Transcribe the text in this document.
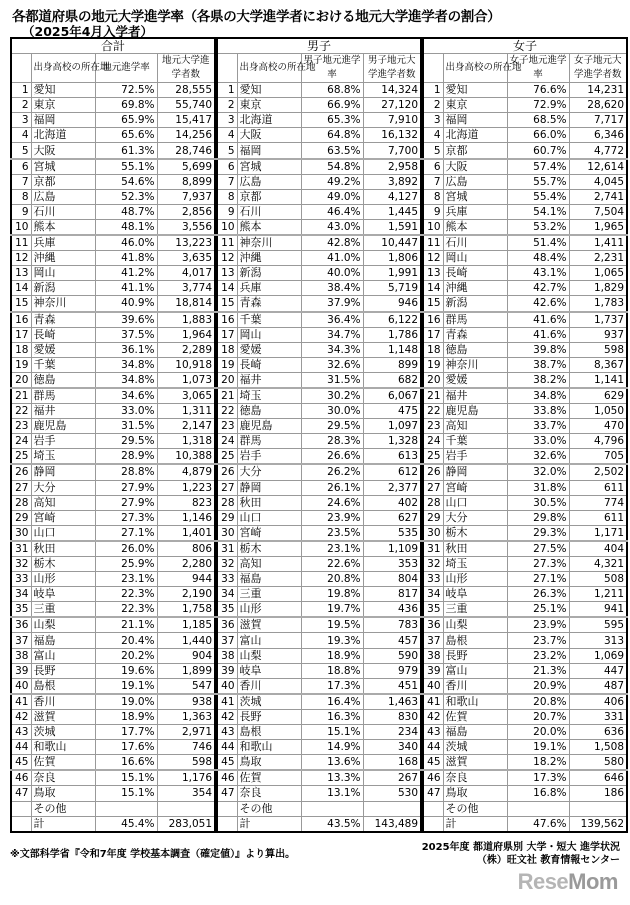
各都道府県の地元大学進学率（各県の大学進学者における地元大学進学者の割合）
（2025年4月入学者）
合計			
	出身高校の所在地	地元進学率	地元大学進学者数
1	愛知	72.5%	28,555
2	東京	69.8%	55,740
3	福岡	65.9%	15,417
4	北海道	65.6%	14,256
5	大阪	61.3%	28,746
6	宮城	55.1%	5,699
7	京都	54.6%	8,899
8	広島	52.3%	7,937
9	石川	48.7%	2,856
10	熊本	48.1%	3,556
11	兵庫	46.0%	13,223
12	沖縄	41.8%	3,635
13	岡山	41.2%	4,017
14	新潟	41.1%	3,774
15	神奈川	40.9%	18,814
16	青森	39.6%	1,883
17	長崎	37.5%	1,964
18	愛媛	36.1%	2,289
19	千葉	34.8%	10,918
20	徳島	34.8%	1,073
21	群馬	34.6%	3,065
22	福井	33.0%	1,311
23	鹿児島	31.5%	2,147
24	岩手	29.5%	1,318
25	埼玉	28.9%	10,388
26	静岡	28.8%	4,879
27	大分	27.9%	1,223
28	高知	27.9%	823
29	宮崎	27.3%	1,146
30	山口	27.1%	1,401
31	秋田	26.0%	806
32	栃木	25.9%	2,280
33	山形	23.1%	944
34	岐阜	22.3%	2,190
35	三重	22.3%	1,758
36	山梨	21.1%	1,185
37	福島	20.4%	1,440
38	富山	20.2%	904
39	長野	19.6%	1,899
40	島根	19.1%	547
41	香川	19.0%	938
42	滋賀	18.9%	1,363
43	茨城	17.7%	2,971
44	和歌山	17.6%	746
45	佐賀	16.6%	598
46	奈良	15.1%	1,176
47	鳥取	15.1%	354
	その他		
	計	45.4%	283,051
男子			
	出身高校の所在地	男子地元進学率	男子地元大学進学者数
1	愛知	68.8%	14,324
2	東京	66.9%	27,120
3	北海道	65.3%	7,910
4	大阪	64.8%	16,132
5	福岡	63.5%	7,700
6	宮城	54.8%	2,958
7	広島	49.2%	3,892
8	京都	49.0%	4,127
9	石川	46.4%	1,445
10	熊本	43.0%	1,591
11	神奈川	42.8%	10,447
12	沖縄	41.0%	1,806
13	新潟	40.0%	1,991
14	兵庫	38.4%	5,719
15	青森	37.9%	946
16	千葉	36.4%	6,122
17	岡山	34.7%	1,786
18	愛媛	34.3%	1,148
19	長崎	32.6%	899
20	福井	31.5%	682
21	埼玉	30.2%	6,067
22	徳島	30.0%	475
23	鹿児島	29.5%	1,097
24	群馬	28.3%	1,328
25	岩手	26.6%	613
26	大分	26.2%	612
27	静岡	26.1%	2,377
28	秋田	24.6%	402
29	山口	23.9%	627
30	宮崎	23.5%	535
31	栃木	23.1%	1,109
32	高知	22.6%	353
33	福島	20.8%	804
34	三重	19.8%	817
35	山形	19.7%	436
36	滋賀	19.5%	783
37	富山	19.3%	457
38	山梨	18.9%	590
39	岐阜	18.8%	979
40	香川	17.3%	451
41	茨城	16.4%	1,463
42	長野	16.3%	830
43	島根	15.1%	234
44	和歌山	14.9%	340
45	鳥取	13.6%	168
46	佐賀	13.3%	267
47	奈良	13.1%	530
	その他		
	計	43.5%	143,489
女子			
	出身高校の所在地	女子地元進学率	女子地元大学進学者数
1	愛知	76.6%	14,231
2	東京	72.9%	28,620
3	福岡	68.5%	7,717
4	北海道	66.0%	6,346
5	京都	60.7%	4,772
6	大阪	57.4%	12,614
7	広島	55.7%	4,045
8	宮城	55.4%	2,741
9	兵庫	54.1%	7,504
10	熊本	53.2%	1,965
11	石川	51.4%	1,411
12	岡山	48.4%	2,231
13	長崎	43.1%	1,065
14	沖縄	42.7%	1,829
15	新潟	42.6%	1,783
16	群馬	41.6%	1,737
17	青森	41.6%	937
18	徳島	39.8%	598
19	神奈川	38.7%	8,367
20	愛媛	38.2%	1,141
21	福井	34.8%	629
22	鹿児島	33.8%	1,050
23	高知	33.7%	470
24	千葉	33.0%	4,796
25	岩手	32.6%	705
26	静岡	32.0%	2,502
27	宮崎	31.8%	611
28	山口	30.5%	774
29	大分	29.8%	611
30	栃木	29.3%	1,171
31	秋田	27.5%	404
32	埼玉	27.3%	4,321
33	山形	27.1%	508
34	岐阜	26.3%	1,211
35	三重	25.1%	941
36	山梨	23.9%	595
37	島根	23.7%	313
38	長野	23.2%	1,069
39	富山	21.3%	447
40	香川	20.9%	487
41	和歌山	20.8%	406
42	佐賀	20.7%	331
43	福島	20.0%	636
44	茨城	19.1%	1,508
45	滋賀	18.2%	580
46	奈良	17.3%	646
47	鳥取	16.8%	186
	その他		
	計	47.6%	139,562
※文部科学省『令和7年度 学校基本調査（確定値）』より算出。
2025年度 都道府県別 大学・短大 進学状況
（株）旺文社 教育情報センター
ReseMom
